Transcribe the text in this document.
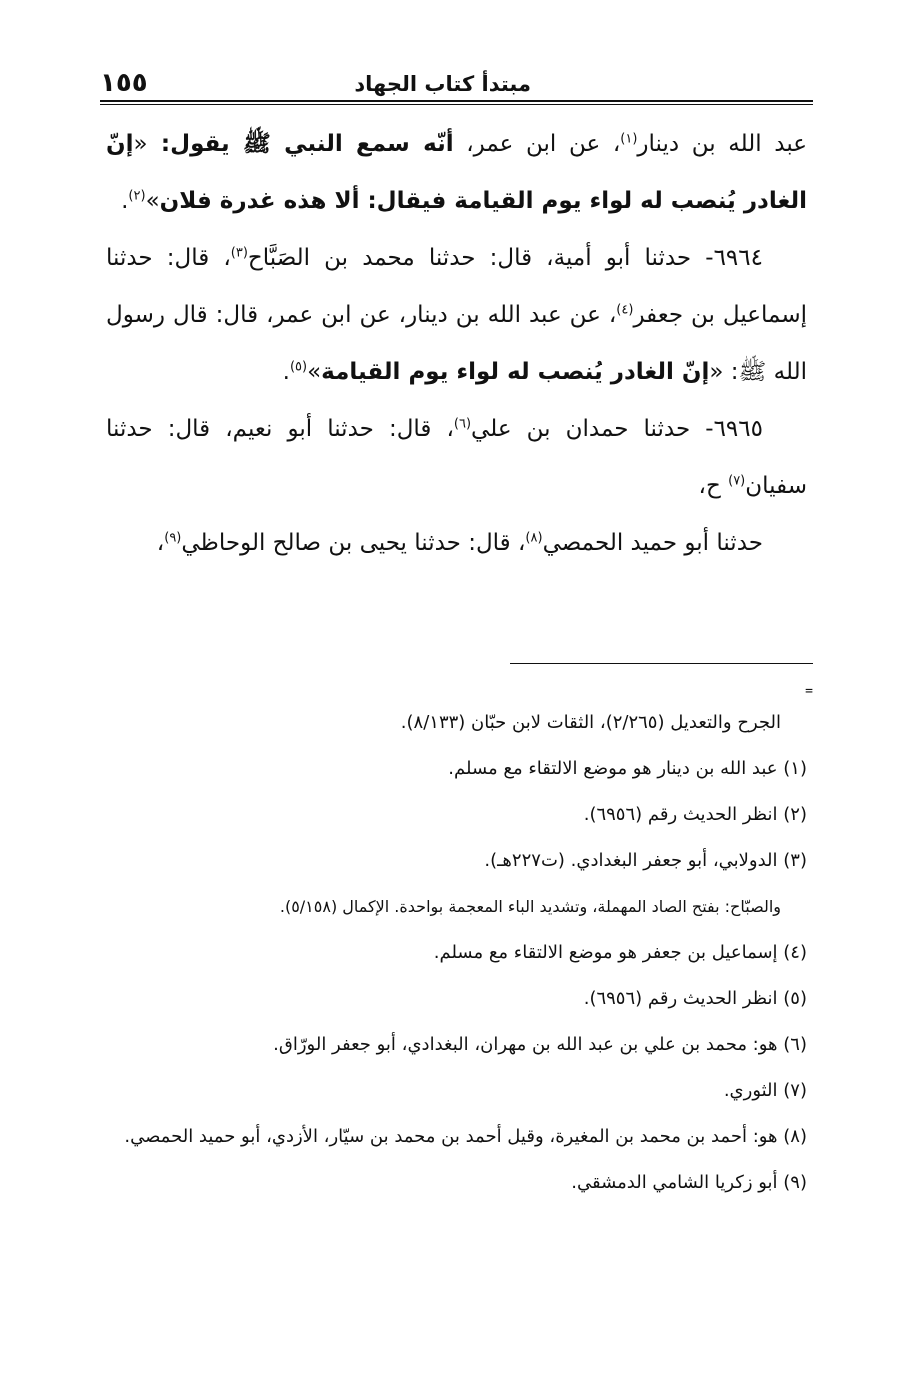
مبتدأ كتاب الجهاد
١٥٥

عبد الله بن دينار$^{(١)}$، عن ابن عمر، أنّه سمع النبي ﷺ يقول: «إنّ الغادر يُنصب له لواء يوم القيامة فيقال: ألا هذه غدرة فلان»$^{(٢)}$.

٦٩٦٤- حدثنا أبو أمية، قال: حدثنا محمد بن الصَبَّاح$^{(٣)}$، قال: حدثنا إسماعيل بن جعفر$^{(٤)}$، عن عبد الله بن دينار، عن ابن عمر، قال: قال رسول الله ﷺ: «إنّ الغادر يُنصب له لواء يوم القيامة»$^{(٥)}$.

٦٩٦٥- حدثنا حمدان بن علي$^{(٦)}$، قال: حدثنا أبو نعيم، قال: حدثنا سفيان$^{(٧)}$ ح،

حدثنا أبو حميد الحمصي$^{(٨)}$، قال: حدثنا يحيى بن صالح الوحاظي$^{(٩)}$،

=
الجرح والتعديل (٢/٢٦٥)، الثقات لابن حبّان (٨/١٣٣).
(١) عبد الله بن دينار هو موضع الالتقاء مع مسلم.
(٢) انظر الحديث رقم (٦٩٥٦).
(٣) الدولابي، أبو جعفر البغدادي. (ت٢٢٧هـ).
والصبّاح: بفتح الصاد المهملة، وتشديد الباء المعجمة بواحدة. الإكمال (٥/١٥٨).
(٤) إسماعيل بن جعفر هو موضع الالتقاء مع مسلم.
(٥) انظر الحديث رقم (٦٩٥٦).
(٦) هو: محمد بن علي بن عبد الله بن مهران، البغدادي، أبو جعفر الورّاق.
(٧) الثوري.
(٨) هو: أحمد بن محمد بن المغيرة، وقيل أحمد بن محمد بن سيّار، الأزدي، أبو حميد الحمصي.
(٩) أبو زكريا الشامي الدمشقي.
